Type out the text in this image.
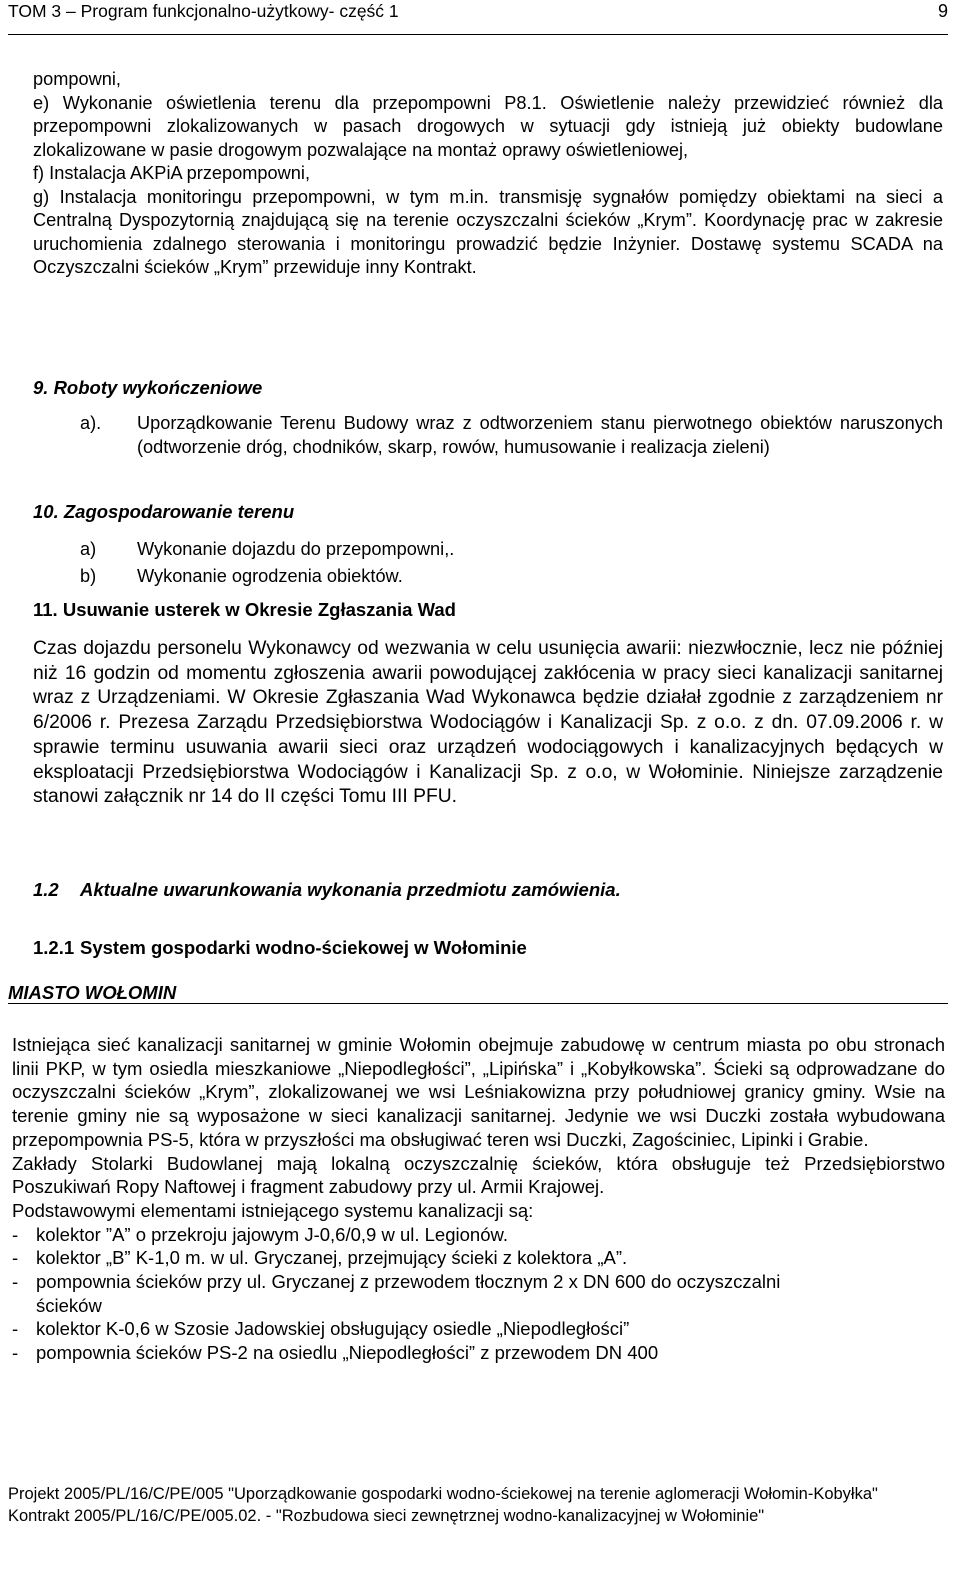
TOM 3 – Program funkcjonalno-użytkowy- część 1	9

pompowni,

e) Wykonanie oświetlenia terenu dla przepompowni P8.1. Oświetlenie należy przewidzieć również dla przepompowni zlokalizowanych w pasach drogowych w sytuacji gdy istnieją już obiekty budowlane zlokalizowane w pasie drogowym pozwalające na montaż oprawy oświetleniowej,

f) Instalacja AKPiA przepompowni,

g) Instalacja monitoringu przepompowni, w tym m.in. transmisję sygnałów pomiędzy obiektami na sieci a Centralną Dyspozytornią znajdującą się na terenie oczyszczalni ścieków „Krym”. Koordynację prac w zakresie uruchomienia zdalnego sterowania i monitoringu prowadzić będzie Inżynier. Dostawę systemu SCADA na Oczyszczalni ścieków „Krym” przewiduje inny Kontrakt.

9. Roboty wykończeniowe
a).	Uporządkowanie Terenu Budowy wraz z odtworzeniem stanu pierwotnego obiektów naruszonych (odtworzenie dróg, chodników, skarp, rowów, humusowanie i realizacja zieleni)
10. Zagospodarowanie terenu
a)	Wykonanie dojazdu do przepompowni,.
b)	Wykonanie ogrodzenia obiektów.
11. Usuwanie usterek w Okresie Zgłaszania Wad

Czas dojazdu personelu Wykonawcy od wezwania w celu usunięcia awarii: niezwłocznie, lecz nie później niż 16 godzin od momentu zgłoszenia awarii powodującej zakłócenia w pracy sieci kanalizacji sanitarnej wraz z Urządzeniami. W Okresie Zgłaszania Wad Wykonawca będzie działał zgodnie z zarządzeniem nr 6/2006 r. Prezesa Zarządu Przedsiębiorstwa Wodociągów i Kanalizacji Sp. z o.o. z dn. 07.09.2006 r. w sprawie terminu usuwania awarii sieci oraz urządzeń wodociągowych i kanalizacyjnych będących w eksploatacji Przedsiębiorstwa Wodociągów i Kanalizacji Sp. z o.o, w Wołominie. Niniejsze zarządzenie stanowi załącznik nr 14 do II części Tomu III PFU.

1.2 Aktualne uwarunkowania wykonania przedmiotu zamówienia.
1.2.1 System gospodarki wodno-ściekowej w Wołominie
MIASTO WOŁOMIN

Istniejąca sieć kanalizacji sanitarnej w gminie Wołomin obejmuje zabudowę w centrum miasta po obu stronach linii PKP, w tym osiedla mieszkaniowe „Niepodległości”, „Lipińska” i „Kobyłkowska”. Ścieki są odprowadzane do oczyszczalni ścieków „Krym”, zlokalizowanej we wsi Leśniakowizna przy południowej granicy gminy. Wsie na terenie gminy nie są wyposażone w sieci kanalizacji sanitarnej. Jedynie we wsi Duczki została wybudowana przepompownia PS-5, która w przyszłości ma obsługiwać teren wsi Duczki, Zagościniec, Lipinki i Grabie.

Zakłady Stolarki Budowlanej mają lokalną oczyszczalnię ścieków, która obsługuje też Przedsiębiorstwo Poszukiwań Ropy Naftowej i fragment zabudowy przy ul. Armii Krajowej.

Podstawowymi elementami istniejącego systemu kanalizacji są:

- kolektor ”A” o przekroju jajowym J-0,6/0,9 w ul. Legionów.
- kolektor „B” K-1,0 m. w ul. Gryczanej, przejmujący ścieki z kolektora „A”.
- pompownia ścieków przy ul. Gryczanej z przewodem tłocznym 2 x DN 600 do oczyszczalni ścieków
- kolektor K-0,6 w Szosie Jadowskiej obsługujący osiedle „Niepodległości”
- pompownia ścieków PS-2 na osiedlu „Niepodległości” z przewodem DN 400

Projekt 2005/PL/16/C/PE/005 "Uporządkowanie gospodarki wodno-ściekowej na terenie aglomeracji Wołomin-Kobyłka"

Kontrakt 2005/PL/16/C/PE/005.02. - "Rozbudowa sieci zewnętrznej wodno-kanalizacyjnej w Wołominie"
